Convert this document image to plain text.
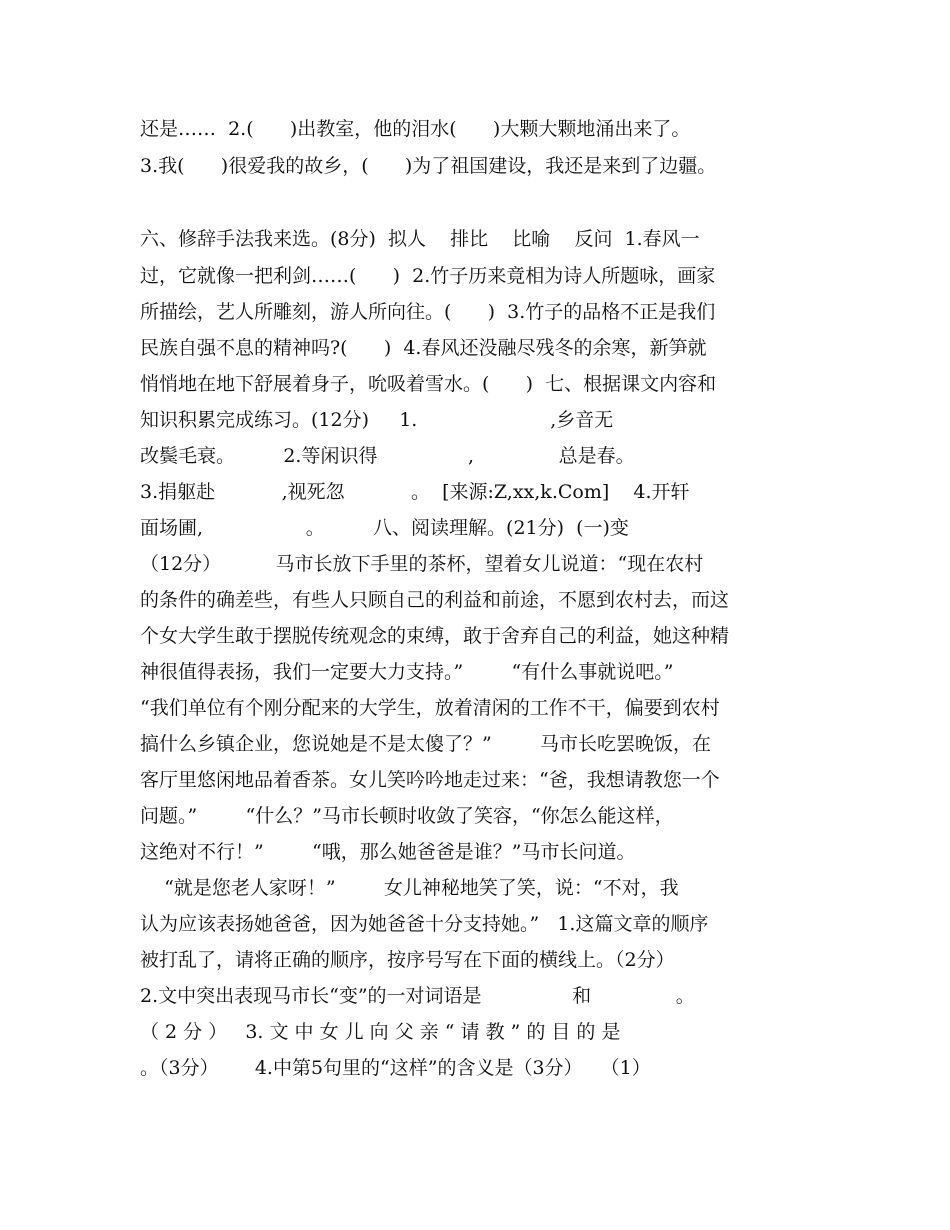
还是……  2.(      )出教室，他的泪水(      )大颗大颗地涌出来了。
3.我(      )很爱我的故乡，(      )为了祖国建设，我还是来到了边疆。
六、修辞手法我来选。(8分)  拟人    排比    比喻    反问  1.春风一
过，它就像一把利剑……(      )  2.竹子历来竟相为诗人所题咏，画家
所描绘，艺人所雕刻，游人所向往。(      )  3.竹子的品格不正是我们
民族自强不息的精神吗?(      )  4.春风还没融尽残冬的余寒，新笋就
悄悄地在地下舒展着身子，吮吸着雪水。(      )  七、根据课文内容和
知识积累完成练习。(12分)     1.                      ,乡音无
改鬓毛衰。        2.等闲识得               ,              总是春。
3.捐躯赴           ,视死忽           。  [来源:Z,xx,k.Com]    4.开轩
面场圃,                 。        八、阅读理解。(21分)  (一)变
（12分）         马市长放下手里的茶杯，望着女儿说道：“现在农村
的条件的确差些，有些人只顾自己的利益和前途，不愿到农村去，而这
个女大学生敢于摆脱传统观念的束缚，敢于舍弃自己的利益，她这种精
神很值得表扬，我们一定要大力支持。”        “有什么事就说吧。”
“我们单位有个刚分配来的大学生，放着清闲的工作不干，偏要到农村
搞什么乡镇企业，您说她是不是太傻了？”        马市长吃罢晚饭，在
客厅里悠闲地品着香茶。女儿笑吟吟地走过来：“爸，我想请教您一个
问题。”        “什么？”马市长顿时收敛了笑容，“你怎么能这样，
这绝对不行！”        “哦，那么她爸爸是谁？”马市长问道。
“就是您老人家呀！”        女儿神秘地笑了笑，说：“不对，我
认为应该表扬她爸爸，因为她爸爸十分支持她。”   1.这篇文章的顺序
被打乱了，请将正确的顺序，按序号写在下面的横线上。（2分）
2.文中突出表现马市长“变”的一对词语是               和              。
（ 2 分 ）   3. 文 中 女 儿 向 父 亲 “ 请 教 ” 的 目 的 是
。（3分）      4.中第5句里的“这样”的含义是（3分）   （1）
